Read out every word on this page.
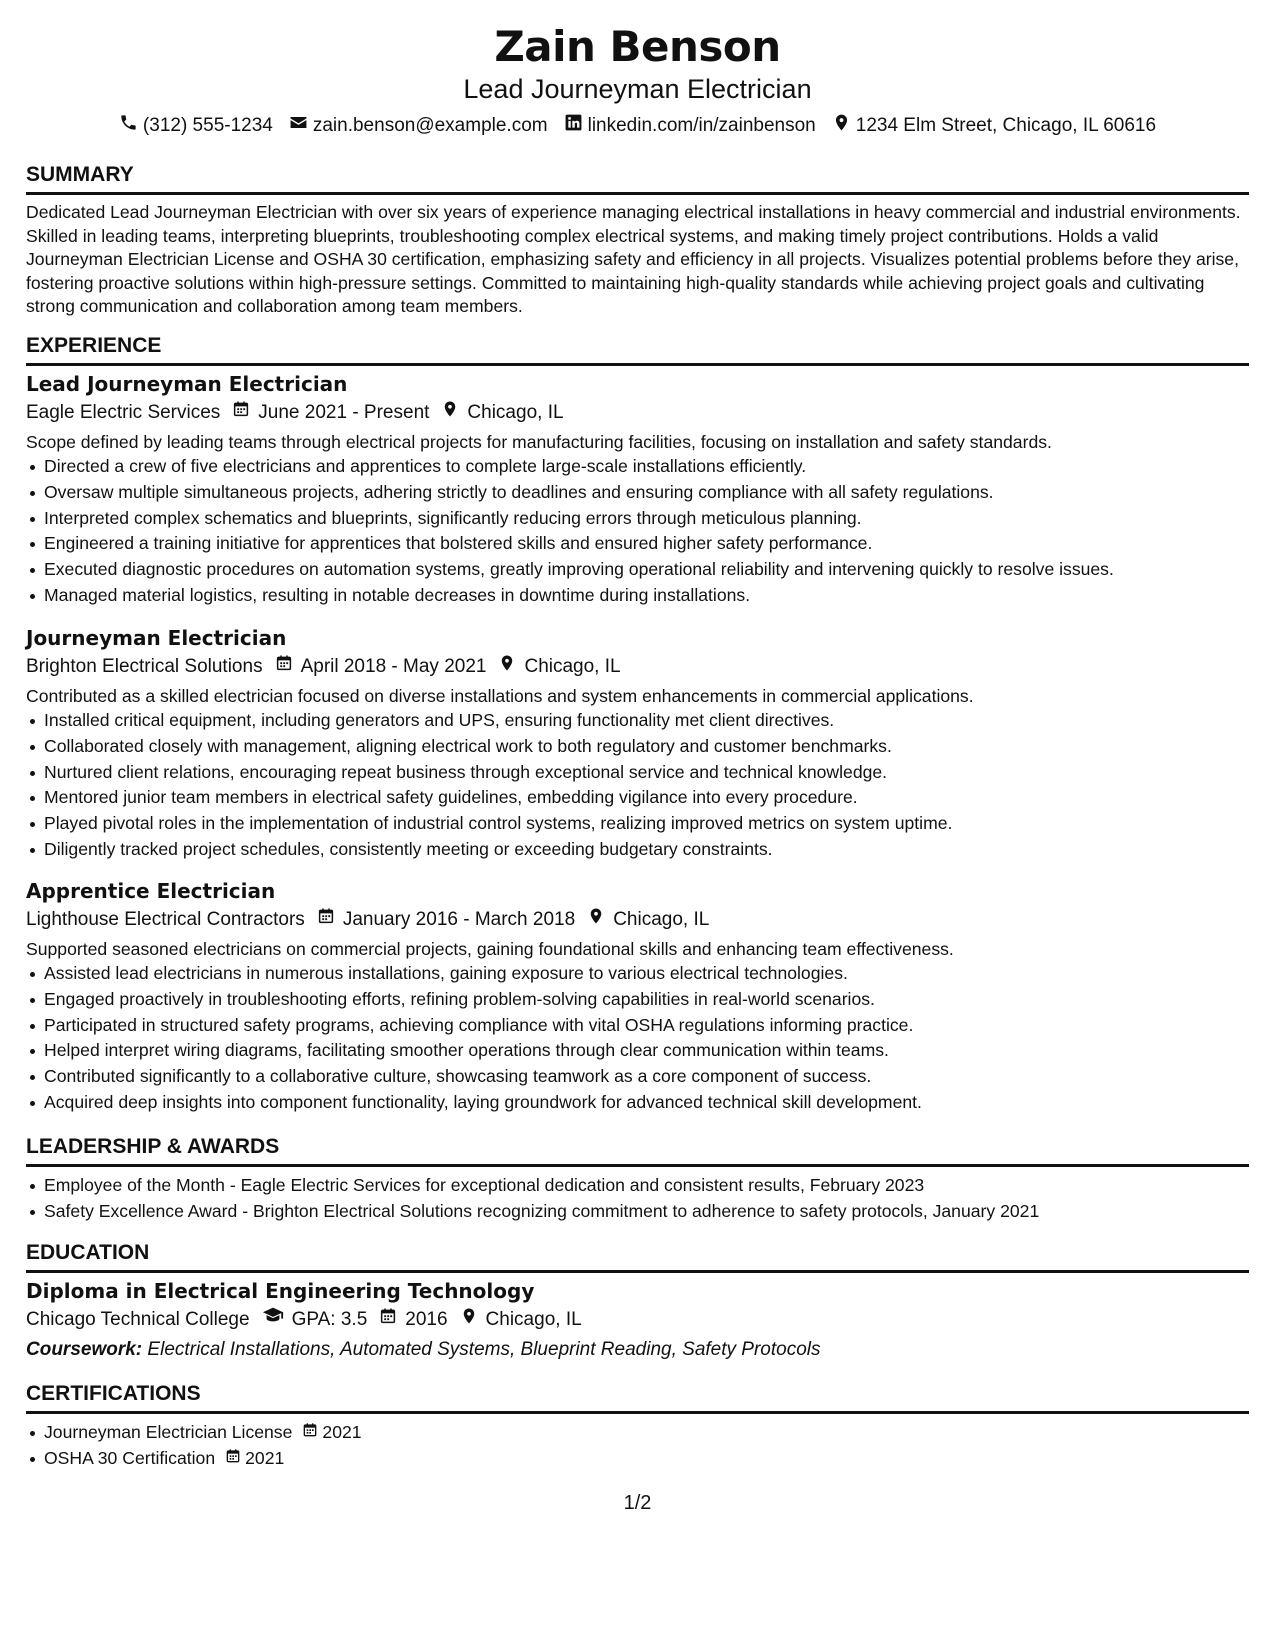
Zain Benson
Lead Journeyman Electrician
(312) 555-1234 zain.benson@example.com linkedin.com/in/zainbenson 1234 Elm Street, Chicago, IL 60616
SUMMARY

Dedicated Lead Journeyman Electrician with over six years of experience managing electrical installations in heavy commercial and industrial environments. Skilled in leading teams, interpreting blueprints, troubleshooting complex electrical systems, and making timely project contributions. Holds a valid Journeyman Electrician License and OSHA 30 certification, emphasizing safety and efficiency in all projects. Visualizes potential problems before they arise, fostering proactive solutions within high-pressure settings. Committed to maintaining high-quality standards while achieving project goals and cultivating strong communication and collaboration among team members.

EXPERIENCE
Lead Journeyman Electrician
Eagle Electric Services June 2021 - Present Chicago, IL
Scope defined by leading teams through electrical projects for manufacturing facilities, focusing on installation and safety standards.
Directed a crew of five electricians and apprentices to complete large-scale installations efficiently.
Oversaw multiple simultaneous projects, adhering strictly to deadlines and ensuring compliance with all safety regulations.
Interpreted complex schematics and blueprints, significantly reducing errors through meticulous planning.
Engineered a training initiative for apprentices that bolstered skills and ensured higher safety performance.
Executed diagnostic procedures on automation systems, greatly improving operational reliability and intervening quickly to resolve issues.
Managed material logistics, resulting in notable decreases in downtime during installations.
Journeyman Electrician
Brighton Electrical Solutions April 2018 - May 2021 Chicago, IL
Contributed as a skilled electrician focused on diverse installations and system enhancements in commercial applications.
Installed critical equipment, including generators and UPS, ensuring functionality met client directives.
Collaborated closely with management, aligning electrical work to both regulatory and customer benchmarks.
Nurtured client relations, encouraging repeat business through exceptional service and technical knowledge.
Mentored junior team members in electrical safety guidelines, embedding vigilance into every procedure.
Played pivotal roles in the implementation of industrial control systems, realizing improved metrics on system uptime.
Diligently tracked project schedules, consistently meeting or exceeding budgetary constraints.
Apprentice Electrician
Lighthouse Electrical Contractors January 2016 - March 2018 Chicago, IL
Supported seasoned electricians on commercial projects, gaining foundational skills and enhancing team effectiveness.
Assisted lead electricians in numerous installations, gaining exposure to various electrical technologies.
Engaged proactively in troubleshooting efforts, refining problem-solving capabilities in real-world scenarios.
Participated in structured safety programs, achieving compliance with vital OSHA regulations informing practice.
Helped interpret wiring diagrams, facilitating smoother operations through clear communication within teams.
Contributed significantly to a collaborative culture, showcasing teamwork as a core component of success.
Acquired deep insights into component functionality, laying groundwork for advanced technical skill development.
LEADERSHIP & AWARDS
Employee of the Month - Eagle Electric Services for exceptional dedication and consistent results, February 2023
Safety Excellence Award - Brighton Electrical Solutions recognizing commitment to adherence to safety protocols, January 2021
EDUCATION
Diploma in Electrical Engineering Technology
Chicago Technical College GPA: 3.5 2016 Chicago, IL
Coursework: Electrical Installations, Automated Systems, Blueprint Reading, Safety Protocols
CERTIFICATIONS
Journeyman Electrician License 2021
OSHA 30 Certification 2021
1/2
